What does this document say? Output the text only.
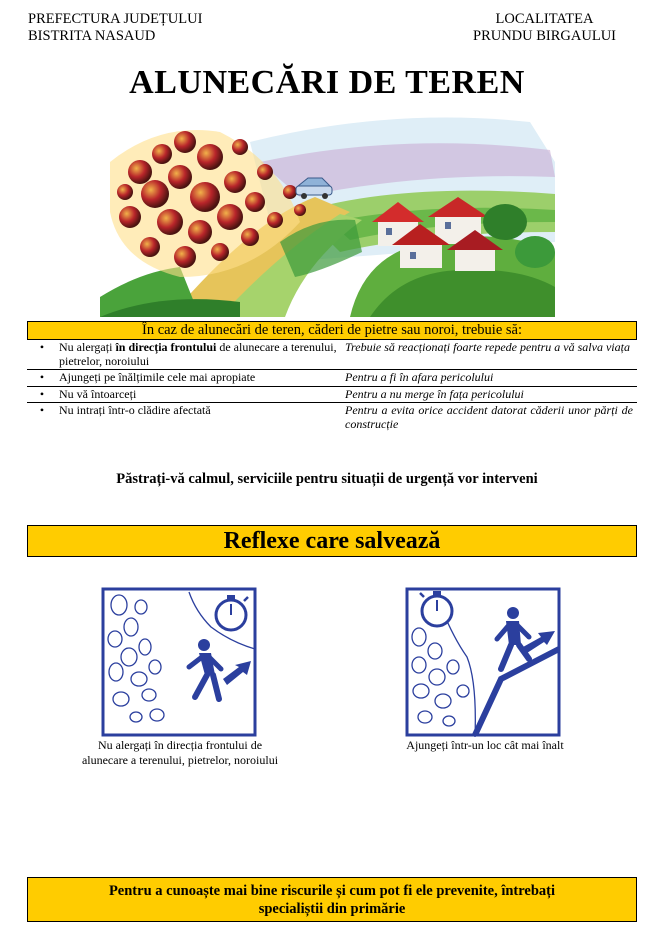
PREFECTURA JUDEȚULUI
BISTRITA NASAUD
LOCALITATEA
PRUNDU BIRGAULUI
ALUNECĂRI DE TEREN
În caz de alunecări de teren, căderi de pietre sau noroi, trebuie să:
•	Nu alergați în direcția frontului de alunecare a terenului, pietrelor, noroiului	Trebuie să reacționați foarte repede pentru a vă salva viața
•	Ajungeți pe înălțimile cele mai apropiate	Pentru a fi în afara pericolului
•	Nu vă întoarceți	Pentru a nu merge în fața pericolului
•	Nu intrați într-o clădire afectată	Pentru a evita orice accident datorat căderii unor părți de construcție
Păstrați-vă calmul, serviciile pentru situații de urgență vor interveni
Reflexe care salvează
Nu alergați în direcția frontului de
alunecare a terenului, pietrelor, noroiului
Ajungeți într-un loc cât mai înalt
Pentru a cunoaște mai bine riscurile și cum pot fi ele prevenite, întrebați
specialiștii din primărie
